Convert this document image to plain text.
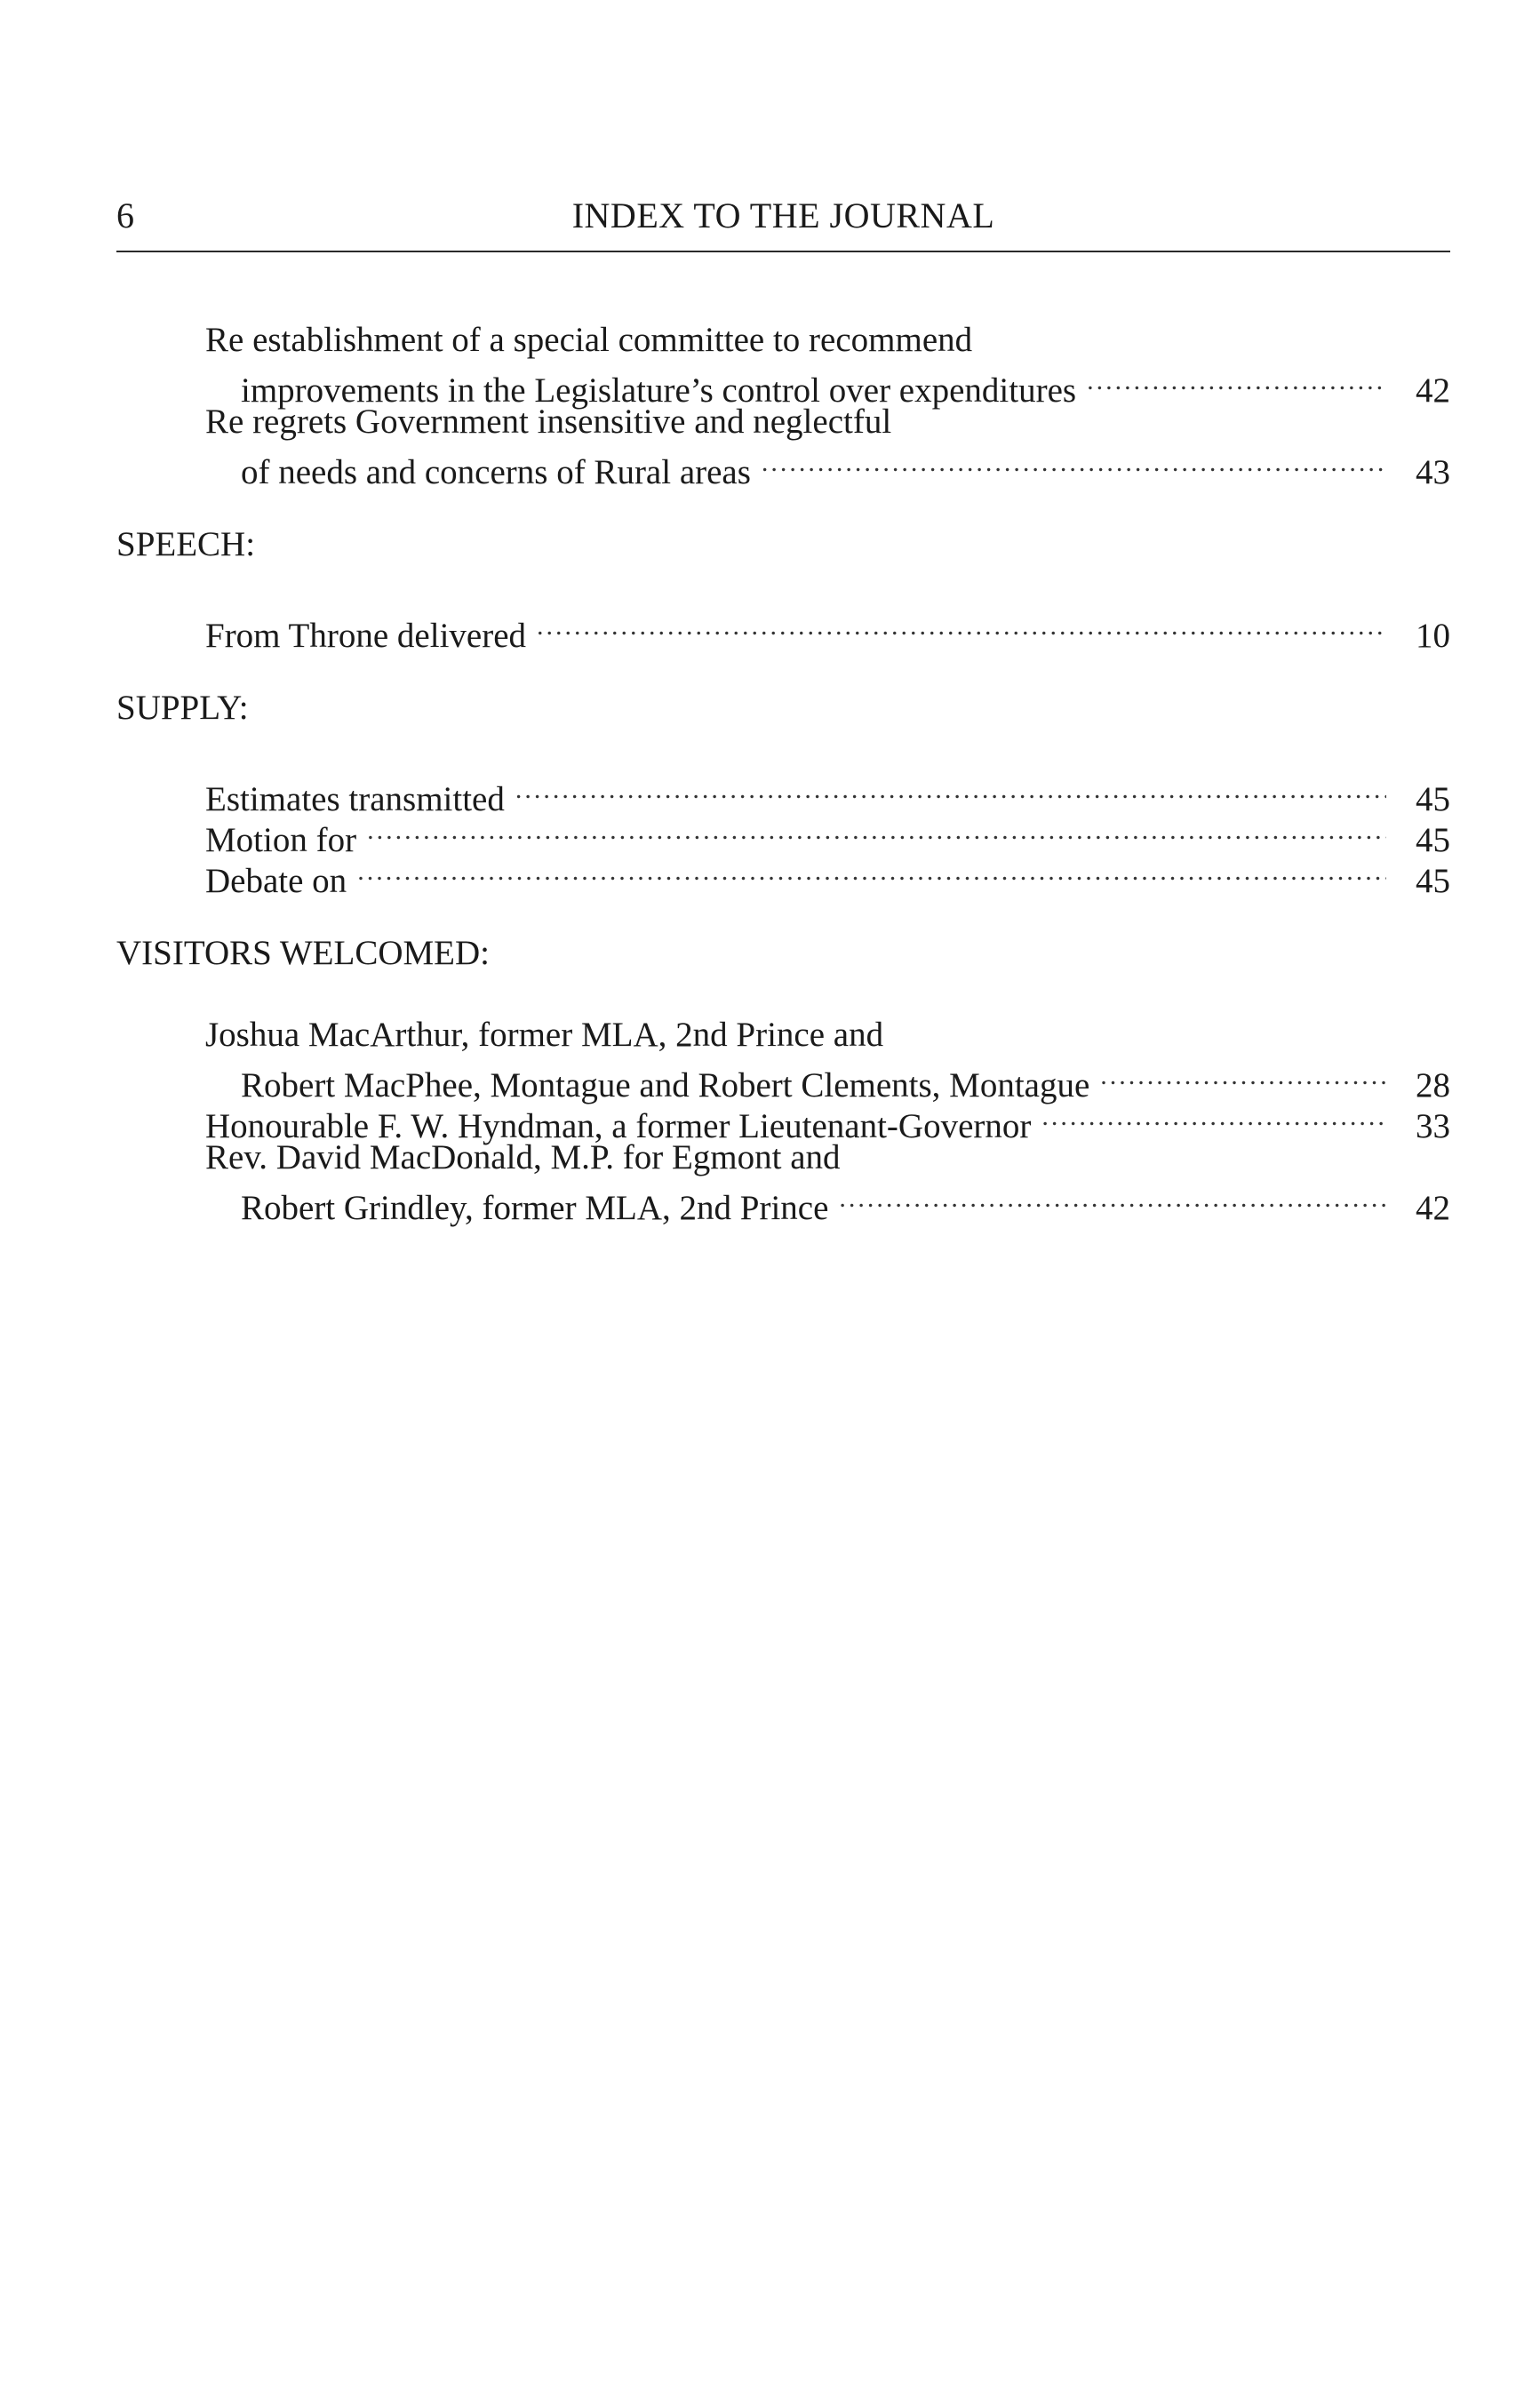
6	INDEX TO THE JOURNAL
Re establishment of a special committee to recommend
improvements in the Legislature’s control over expenditures .....	42
Re regrets Government insensitive and neglectful
of needs and concerns of Rural areas .....	43
SPEECH:
From Throne delivered .....	10
SUPPLY:
Estimates transmitted .....	45
Motion for .....	45
Debate on .....	45
VISITORS WELCOMED:
Joshua MacArthur, former MLA, 2nd Prince and
Robert MacPhee, Montague and Robert Clements, Montague .....	28
Honourable F. W. Hyndman, a former Lieutenant-Governor .....	33
Rev. David MacDonald, M.P. for Egmont and
Robert Grindley, former MLA, 2nd Prince .....	42
